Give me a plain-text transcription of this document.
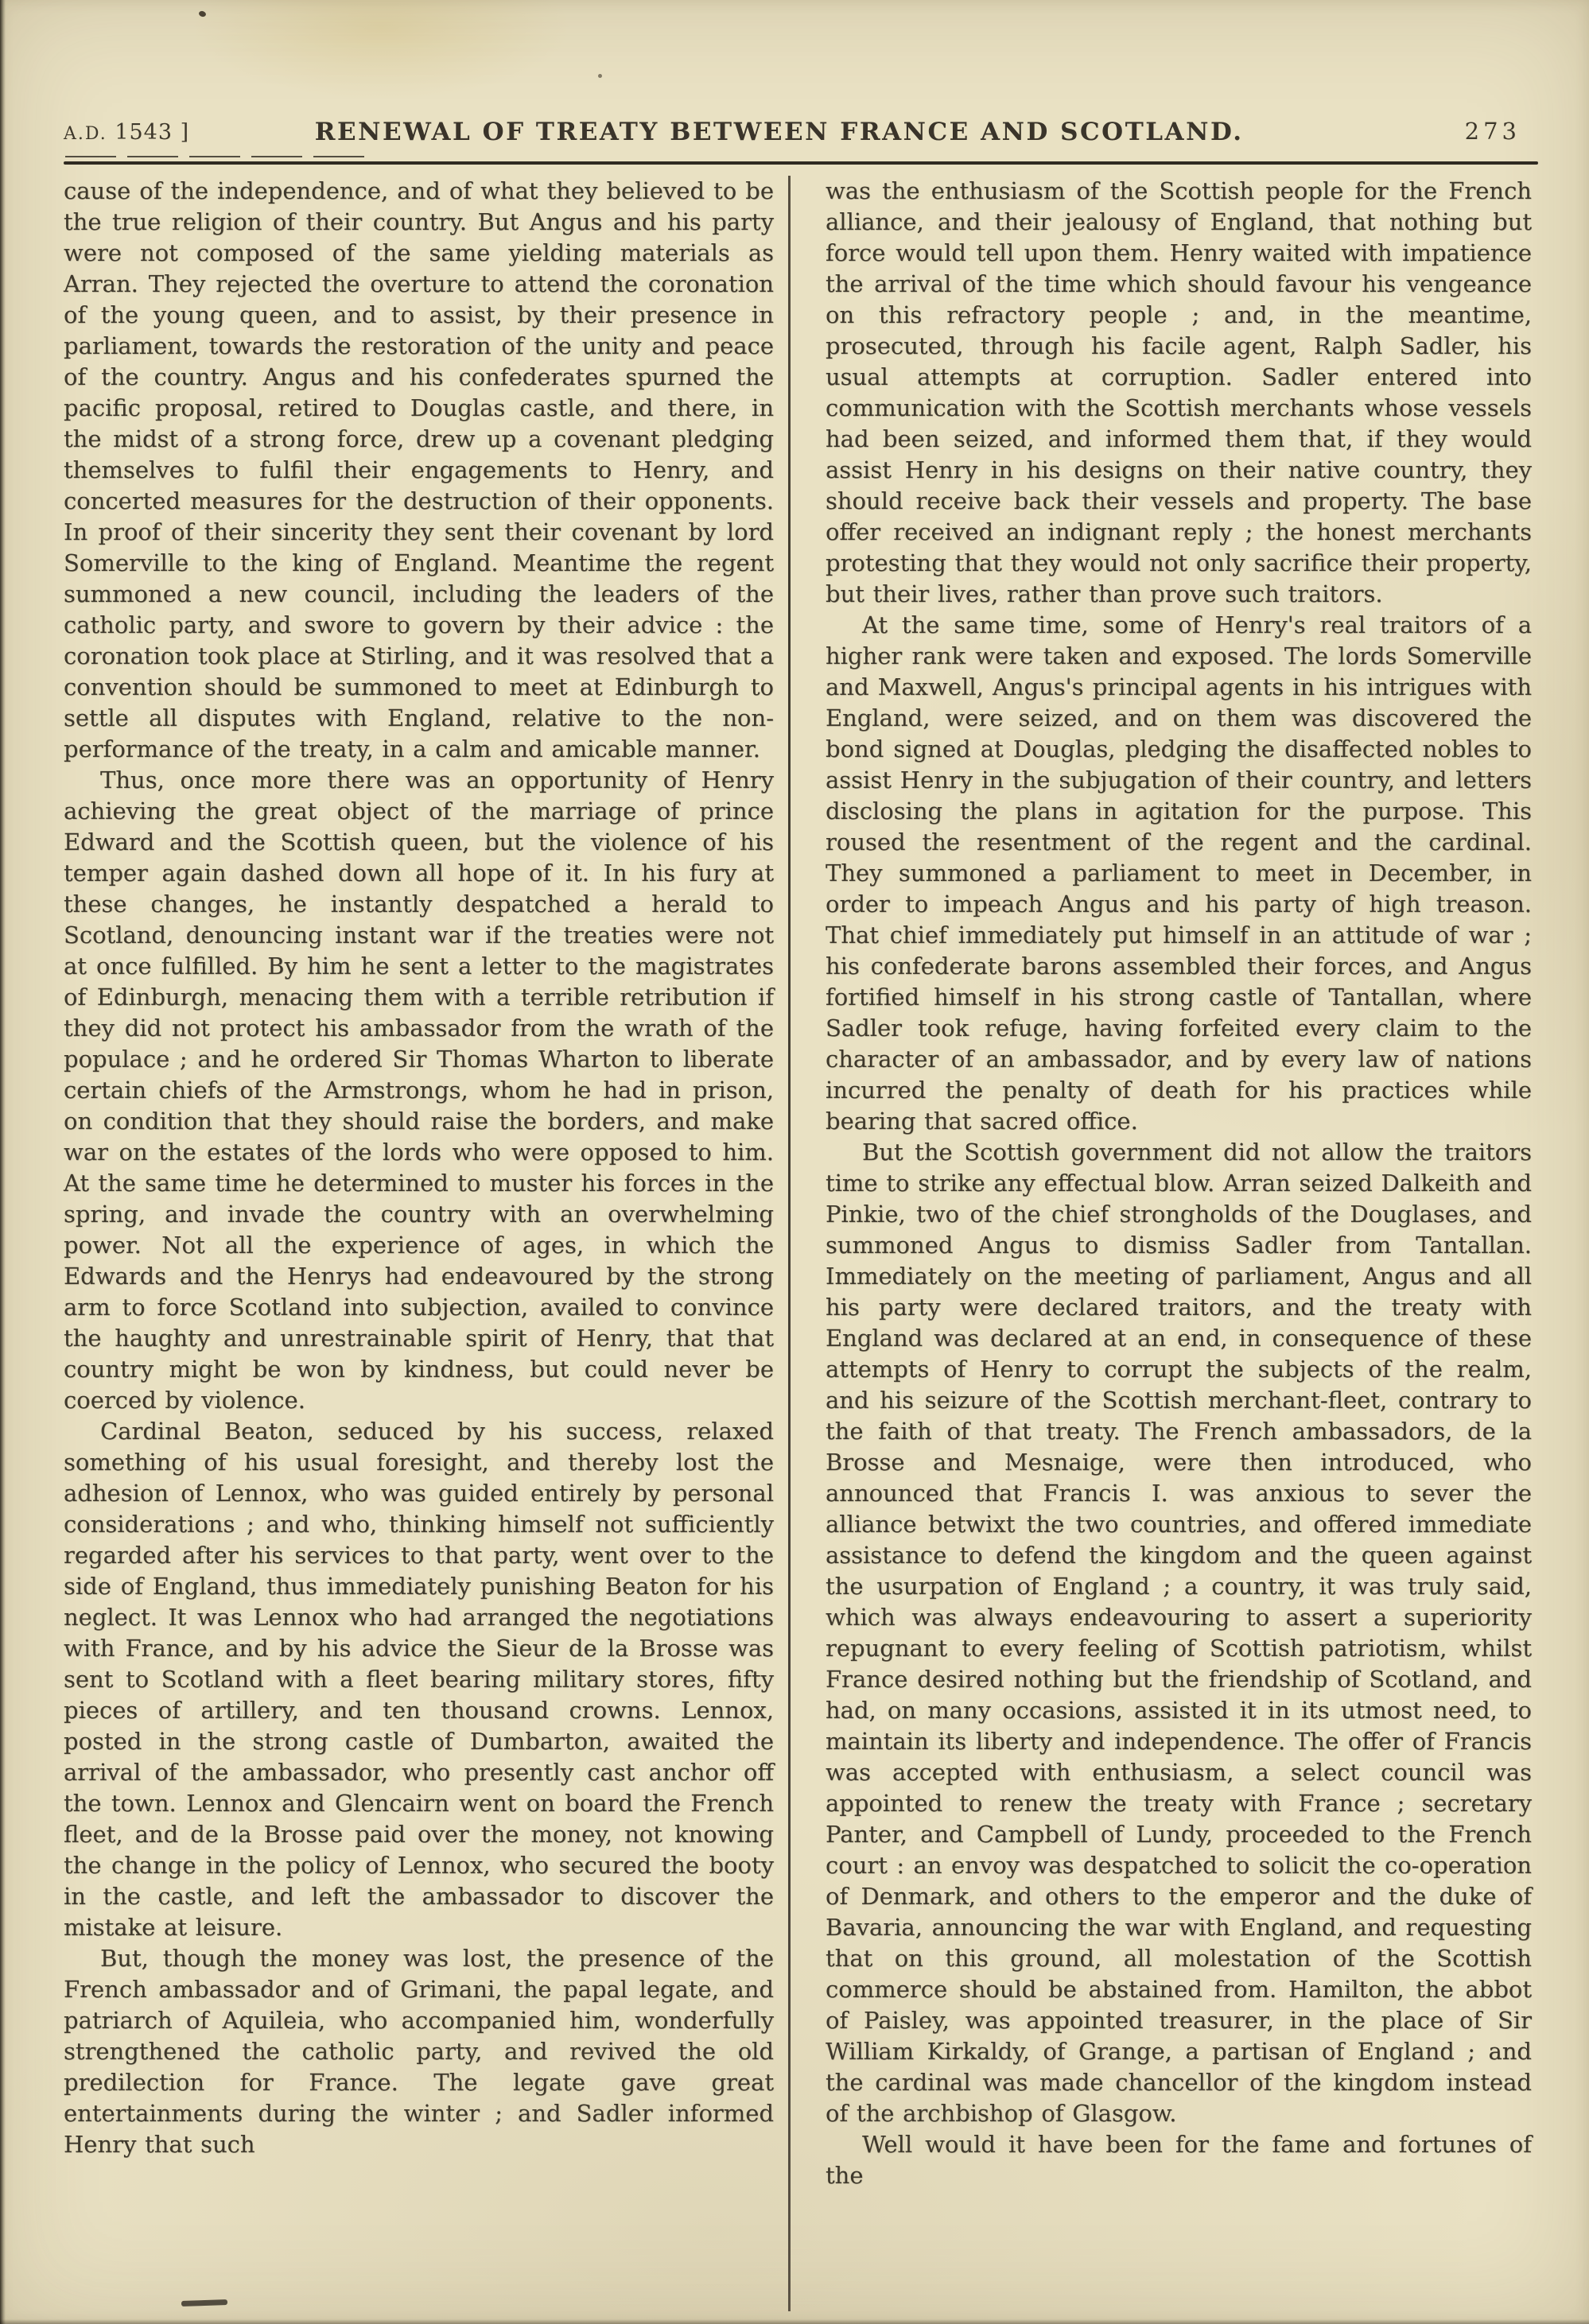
A.D. 1543 ]	RENEWAL OF TREATY BETWEEN FRANCE AND SCOTLAND.	273

cause of the independence, and of what they believed to be the true religion of their country. But Angus and his party were not composed of the same yielding materials as Arran. They rejected the overture to attend the coronation of the young queen, and to assist, by their presence in parliament, towards the restoration of the unity and peace of the country. Angus and his confederates spurned the pacific proposal, retired to Douglas castle, and there, in the midst of a strong force, drew up a covenant pledging themselves to fulfil their engagements to Henry, and concerted measures for the destruction of their opponents. In proof of their sincerity they sent their covenant by lord Somerville to the king of England. Meantime the regent summoned a new council, including the leaders of the catholic party, and swore to govern by their advice : the coronation took place at Stirling, and it was resolved that a convention should be summoned to meet at Edinburgh to settle all disputes with England, relative to the non-performance of the treaty, in a calm and amicable manner.

Thus, once more there was an opportunity of Henry achieving the great object of the marriage of prince Edward and the Scottish queen, but the violence of his temper again dashed down all hope of it. In his fury at these changes, he instantly despatched a herald to Scotland, denouncing instant war if the treaties were not at once fulfilled. By him he sent a letter to the magistrates of Edinburgh, menacing them with a terrible retribution if they did not protect his ambassador from the wrath of the populace ; and he ordered Sir Thomas Wharton to liberate certain chiefs of the Armstrongs, whom he had in prison, on condition that they should raise the borders, and make war on the estates of the lords who were opposed to him. At the same time he determined to muster his forces in the spring, and invade the country with an overwhelming power. Not all the experience of ages, in which the Edwards and the Henrys had endeavoured by the strong arm to force Scotland into subjection, availed to convince the haughty and unrestrainable spirit of Henry, that that country might be won by kindness, but could never be coerced by violence.

Cardinal Beaton, seduced by his success, relaxed something of his usual foresight, and thereby lost the adhesion of Lennox, who was guided entirely by personal considerations ; and who, thinking himself not sufficiently regarded after his services to that party, went over to the side of England, thus immediately punishing Beaton for his neglect. It was Lennox who had arranged the negotiations with France, and by his advice the Sieur de la Brosse was sent to Scotland with a fleet bearing military stores, fifty pieces of artillery, and ten thousand crowns. Lennox, posted in the strong castle of Dumbarton, awaited the arrival of the ambassador, who presently cast anchor off the town. Lennox and Glencairn went on board the French fleet, and de la Brosse paid over the money, not knowing the change in the policy of Lennox, who secured the booty in the castle, and left the ambassador to discover the mistake at leisure.

But, though the money was lost, the presence of the French ambassador and of Grimani, the papal legate, and patriarch of Aquileia, who accompanied him, wonderfully strengthened the catholic party, and revived the old predilection for France. The legate gave great entertainments during the winter ; and Sadler informed Henry that such

was the enthusiasm of the Scottish people for the French alliance, and their jealousy of England, that nothing but force would tell upon them. Henry waited with impatience the arrival of the time which should favour his vengeance on this refractory people ; and, in the meantime, prosecuted, through his facile agent, Ralph Sadler, his usual attempts at corruption. Sadler entered into communication with the Scottish merchants whose vessels had been seized, and informed them that, if they would assist Henry in his designs on their native country, they should receive back their vessels and property. The base offer received an indignant reply ; the honest merchants protesting that they would not only sacrifice their property, but their lives, rather than prove such traitors.

At the same time, some of Henry's real traitors of a higher rank were taken and exposed. The lords Somerville and Maxwell, Angus's principal agents in his intrigues with England, were seized, and on them was discovered the bond signed at Douglas, pledging the disaffected nobles to assist Henry in the subjugation of their country, and letters disclosing the plans in agitation for the purpose. This roused the resentment of the regent and the cardinal. They summoned a parliament to meet in December, in order to impeach Angus and his party of high treason. That chief immediately put himself in an attitude of war ; his confederate barons assembled their forces, and Angus fortified himself in his strong castle of Tantallan, where Sadler took refuge, having forfeited every claim to the character of an ambassador, and by every law of nations incurred the penalty of death for his practices while bearing that sacred office.

But the Scottish government did not allow the traitors time to strike any effectual blow. Arran seized Dalkeith and Pinkie, two of the chief strongholds of the Douglases, and summoned Angus to dismiss Sadler from Tantallan. Immediately on the meeting of parliament, Angus and all his party were declared traitors, and the treaty with England was declared at an end, in consequence of these attempts of Henry to corrupt the subjects of the realm, and his seizure of the Scottish merchant-fleet, contrary to the faith of that treaty. The French ambassadors, de la Brosse and Mesnaige, were then introduced, who announced that Francis I. was anxious to sever the alliance betwixt the two countries, and offered immediate assistance to defend the kingdom and the queen against the usurpation of England ; a country, it was truly said, which was always endeavouring to assert a superiority repugnant to every feeling of Scottish patriotism, whilst France desired nothing but the friendship of Scotland, and had, on many occasions, assisted it in its utmost need, to maintain its liberty and independence. The offer of Francis was accepted with enthusiasm, a select council was appointed to renew the treaty with France ; secretary Panter, and Campbell of Lundy, proceeded to the French court : an envoy was despatched to solicit the co-operation of Denmark, and others to the emperor and the duke of Bavaria, announcing the war with England, and requesting that on this ground, all molestation of the Scottish commerce should be abstained from. Hamilton, the abbot of Paisley, was appointed treasurer, in the place of Sir William Kirkaldy, of Grange, a partisan of England ; and the cardinal was made chancellor of the kingdom instead of the archbishop of Glasgow.

Well would it have been for the fame and fortunes of the
